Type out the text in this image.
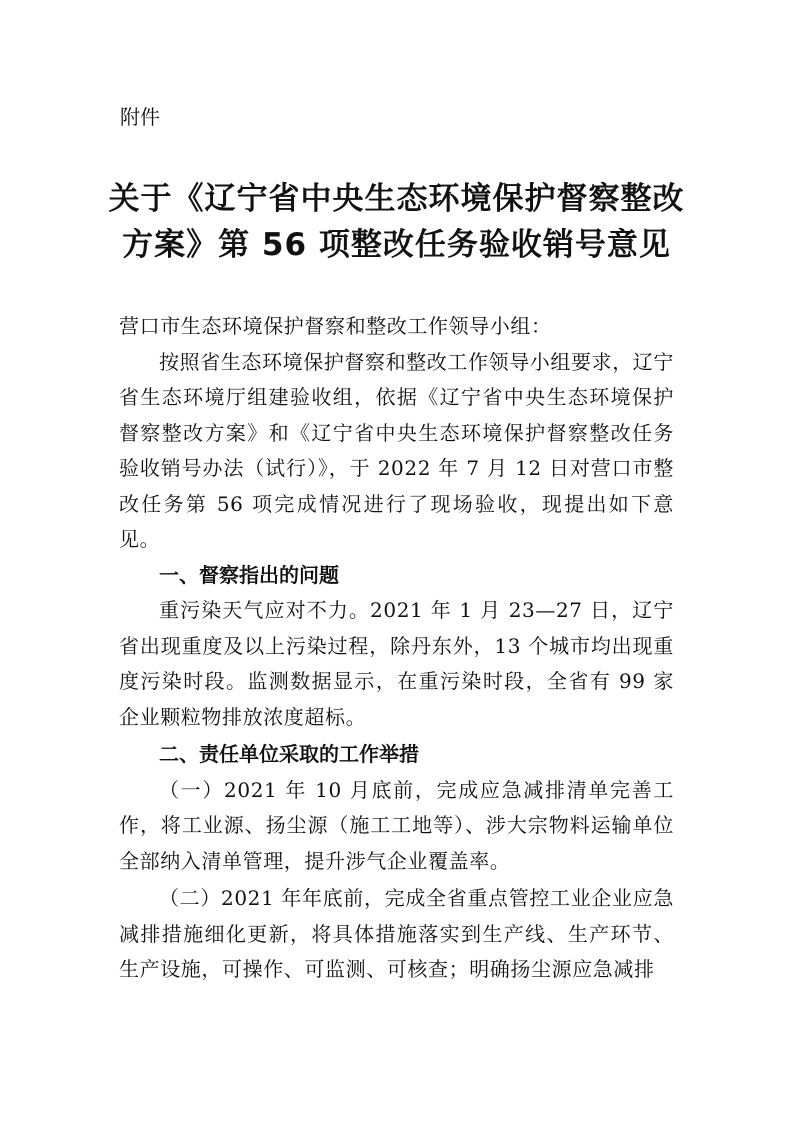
附件

关于《辽宁省中央生态环境保护督察整改
方案》第 56 项整改任务验收销号意见

营口市生态环境保护督察和整改工作领导小组：

按照省生态环境保护督察和整改工作领导小组要求，辽宁省生态环境厅组建验收组，依据《辽宁省中央生态环境保护督察整改方案》和《辽宁省中央生态环境保护督察整改任务验收销号办法（试行）》，于 2022 年 7 月 12 日对营口市整改任务第 56 项完成情况进行了现场验收，现提出如下意见。

一、督察指出的问题

重污染天气应对不力。2021 年 1 月 23—27 日，辽宁省出现重度及以上污染过程，除丹东外，13 个城市均出现重度污染时段。监测数据显示，在重污染时段，全省有 99 家企业颗粒物排放浓度超标。

二、责任单位采取的工作举措

（一）2021 年 10 月底前，完成应急减排清单完善工作，将工业源、扬尘源（施工工地等）、涉大宗物料运输单位全部纳入清单管理，提升涉气企业覆盖率。

（二）2021 年年底前，完成全省重点管控工业企业应急减排措施细化更新，将具体措施落实到生产线、生产环节、生产设施，可操作、可监测、可核查；明确扬尘源应急减排
